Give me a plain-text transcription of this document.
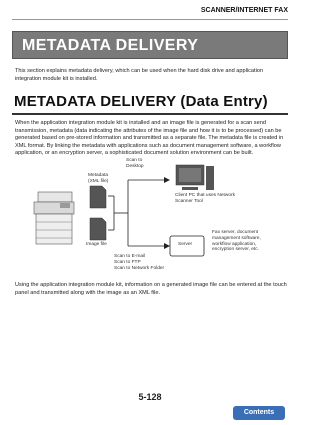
SCANNER/INTERNET FAX
METADATA DELIVERY
This section explains metadata delivery, which can be used when the hard disk drive and application integration module kit is installed.
METADATA DELIVERY (Data Entry)
When the application integration module kit is installed and an image file is generated for a scan send transmission, metadata (data indicating the attributes of the image file and how it is to be processed) can be generated based on pre-stored information and transmitted as a separate file. The metadata file is created in XML format. By linking the metadata with applications such as document management software, a workflow application, or an encryption server, a sophisticated document solution environment can be built.
Metadata
(XML file)
Image file
Scan to
Desktop
Client PC that uses Network
Scanner Tool
Server
Fax server, document
management software,
workflow application,
encryption server, etc.
Scan to E-mail
Scan to FTP
Scan to Network Folder
Using the application integration module kit, information on a generated image file can be entered at the touch panel and transmitted along with the image as an XML file.
5-128
Contents
